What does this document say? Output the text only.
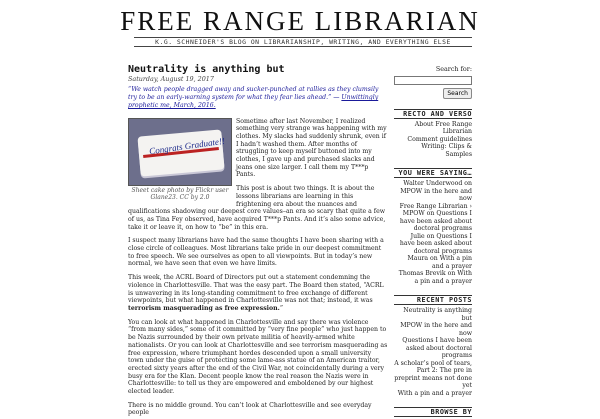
FREE RANGE LIBRARIAN
K.G. SCHNEIDER'S BLOG ON LIBRARIANSHIP, WRITING, AND EVERYTHING ELSE
Neutrality is anything but
Saturday, August 19, 2017
“We watch people dragged away and sucker-punched at rallies as they clumsily try to be an early-warning system for what they fear lies ahead.” — Unwittingly prophetic me, March, 2016.
Congrats Graduate!!
Sheet cake photo by Flickr user Glane23. CC by 2.0

Sometime after last November, I realized something very strange was happening with my clothes. My slacks had suddenly shrunk, even if I hadn’t washed them. After months of struggling to keep myself buttoned into my clothes, I gave up and purchased slacks and jeans one size larger. I call them my T***p Pants.

This post is about two things. It is about the lessons librarians are learning in this frightening era about the nuances and qualifications shadowing our deepest core values–an era so scary that quite a few of us, as Tina Fey observed, have acquired T***p Pants. And it’s also some advice, take it or leave it, on how to “be” in this era.

I suspect many librarians have had the same thoughts I have been sharing with a close circle of colleagues. Most librarians take pride in our deepest commitment to free speech. We see ourselves as open to all viewpoints. But in today’s new normal, we have seen that even we have limits.

This week, the ACRL Board of Directors put out a statement condemning the violence in Charlottesville. That was the easy part. The Board then stated, “ACRL is unwavering in its long-standing commitment to free exchange of different viewpoints, but what happened in Charlottesville was not that; instead, it was terrorism masquerading as free expression.”

You can look at what happened in Charlottesville and say there was violence “from many sides,” some of it committed by “very fine people” who just happen to be Nazis surrounded by their own private militia of heavily-armed white nationalists. Or you can look at Charlottesville and see terrorism masquerading as free expression, where triumphant hordes descended upon a small university town under the guise of protecting some lame-ass statue of an American traitor, erected sixty years after the end of the Civil War, not coincidentally during a very busy era for the Klan. Decent people know the real reason the Nazis were in Charlottesville: to tell us they are empowered and emboldened by our highest elected leader.

There is no middle ground. You can’t look at Charlottesville and see everyday people

Search for:
Search
RECTO AND VERSO
About Free Range Librarian
Comment guidelines
Writing: Clips & Samples
YOU WERE SAYING…
Walter Underwood on MPOW in the here and now
Free Range Librarian › MPOW on Questions I have been asked about doctoral programs
Julie on Questions I have been asked about doctoral programs
Maura on With a pin and a prayer
Thomas Brevik on With a pin and a prayer
RECENT POSTS
Neutrality is anything but
MPOW in the here and now
Questions I have been asked about doctoral programs
A scholar’s pool of tears, Part 2: The pre in preprint means not done yet
With a pin and a prayer
BROWSE BY
